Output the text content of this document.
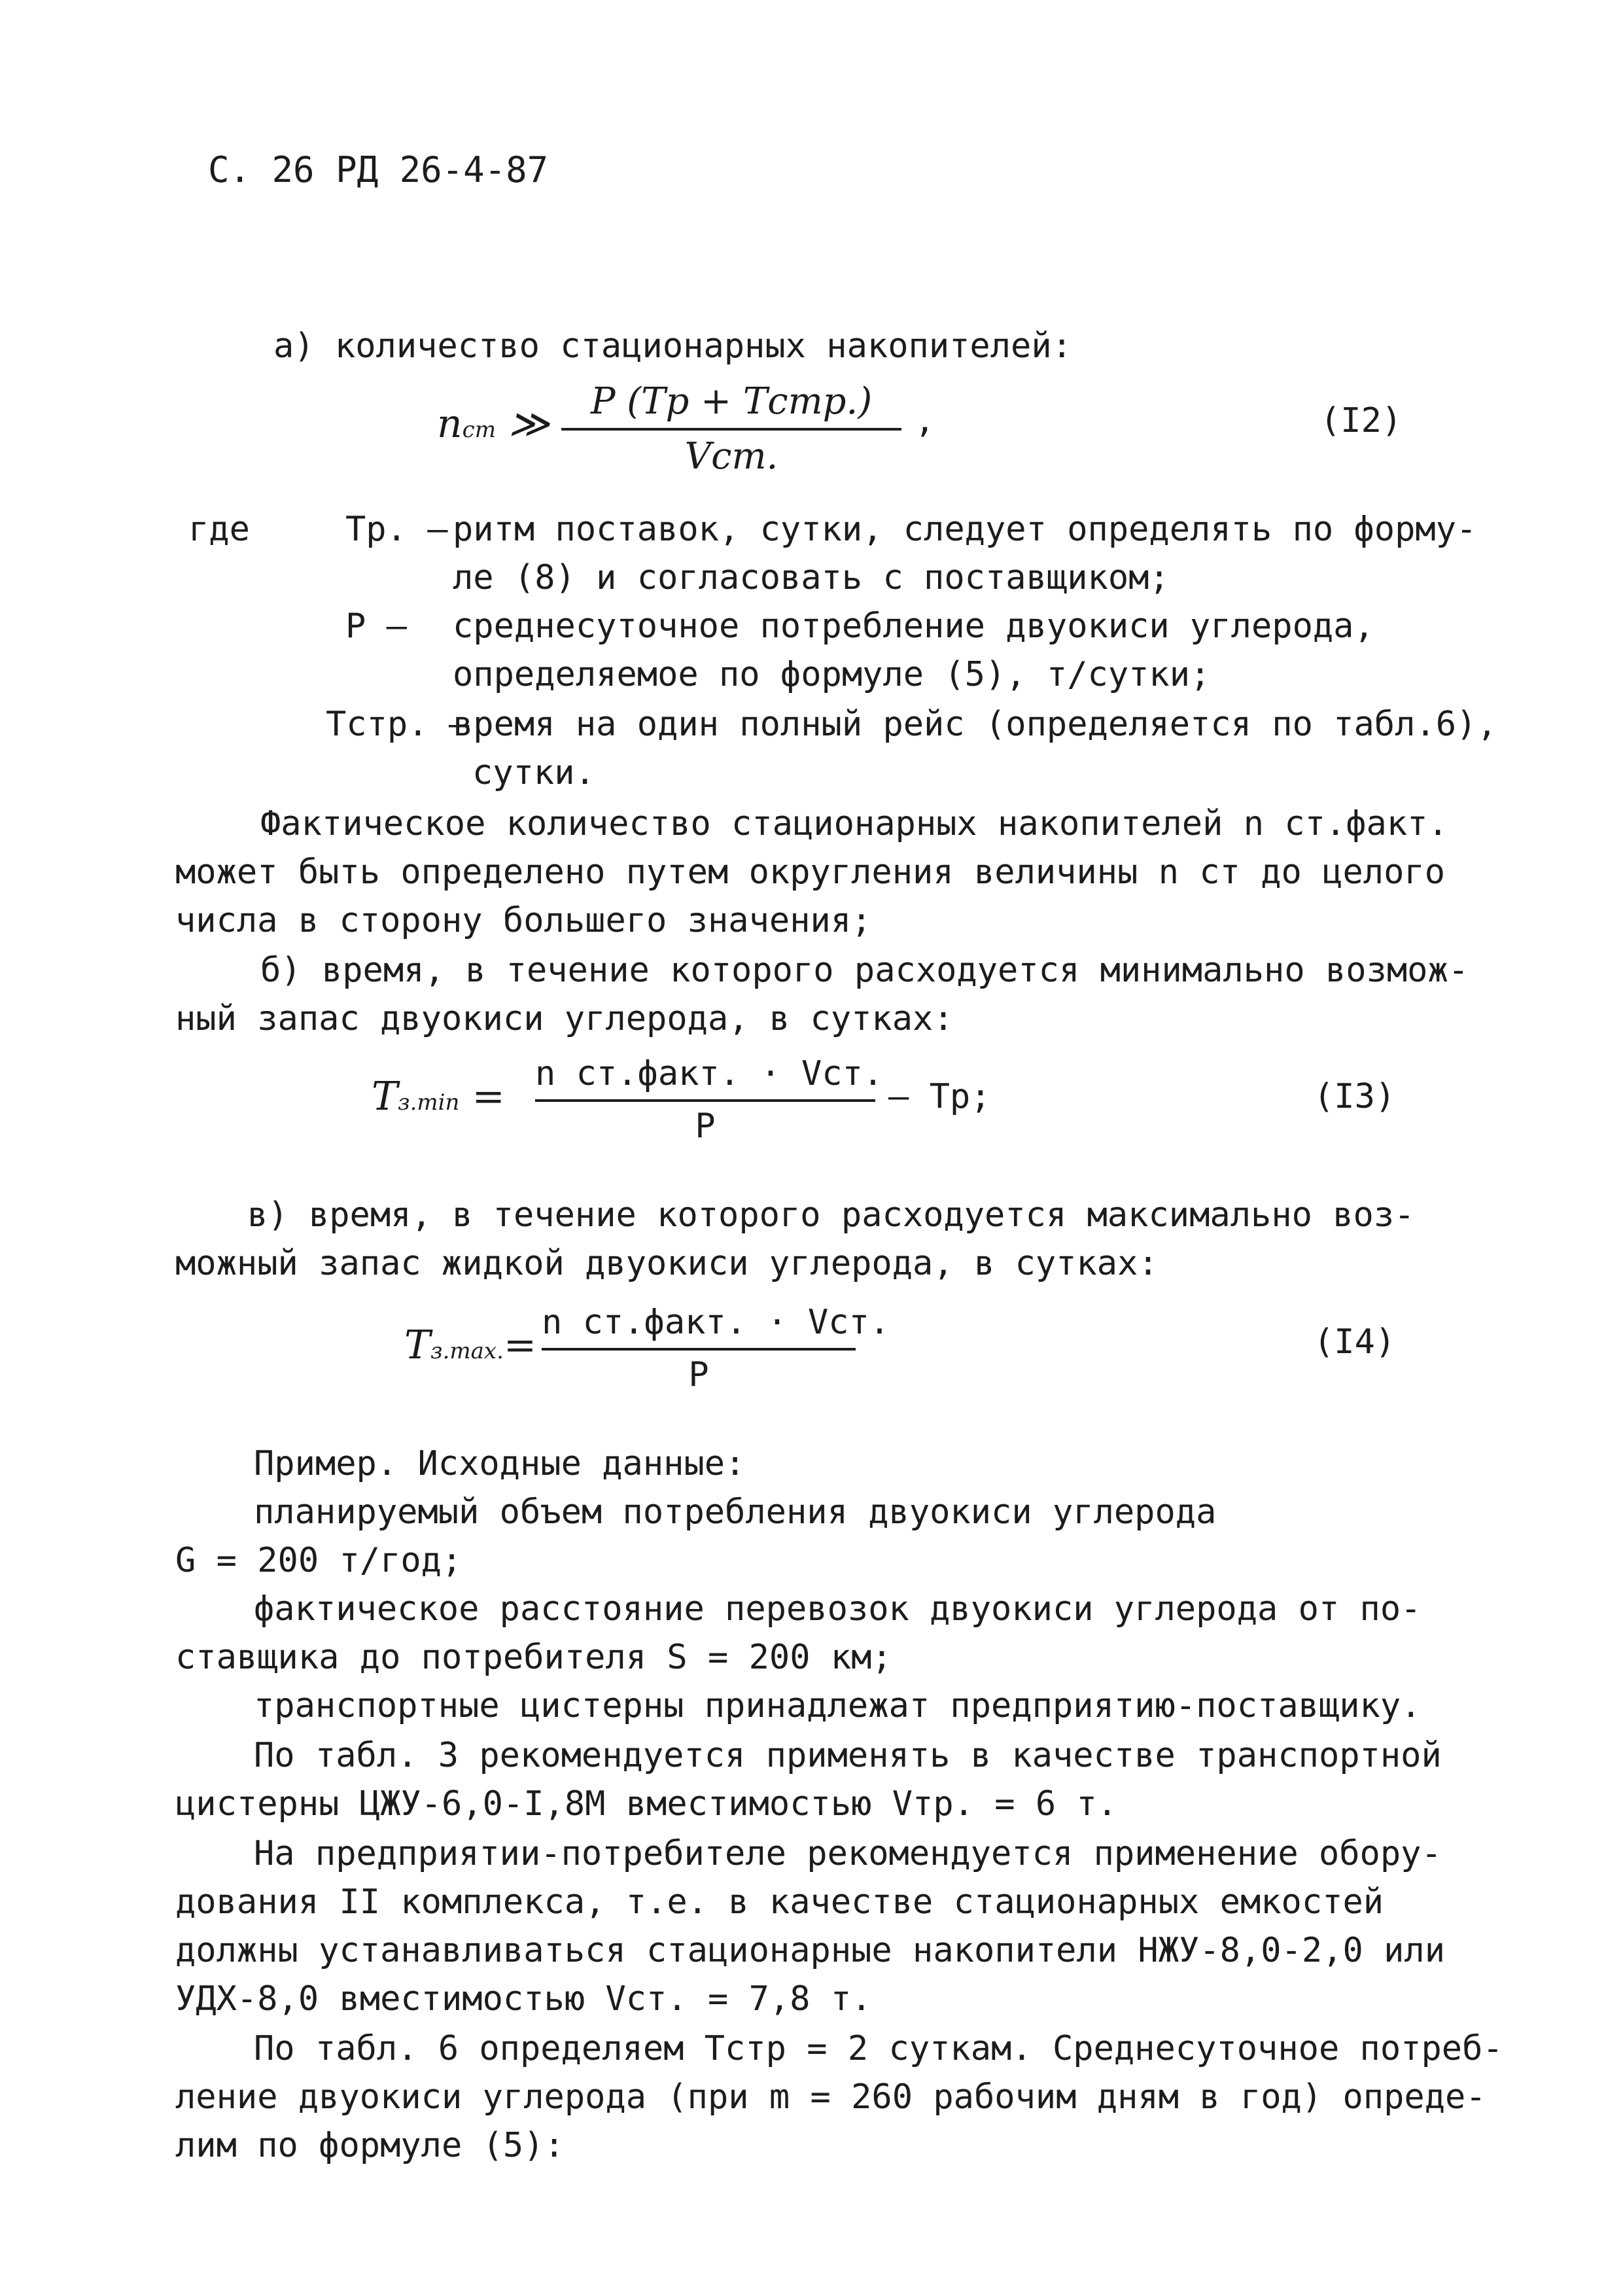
С. 26 РД 26-4-87
а) количество стационарных накопителей:
nст ≫	P (Tр + Tстр.)
Vст.
,	(I2)
где	Tр. – ритм поставок, сутки, следует определять по форму-
ле (8) и согласовать с поставщиком;
P – среднесуточное потребление двуокиси углерода,
определяемое по формуле (5), т/сутки;
Tстр. –
время на один полный рейс (определяется по табл.6),
сутки.
Фактическое количество стационарных накопителей n ст.факт.
может быть определено путем округления величины n ст до целого
числа в сторону большего значения;
б) время, в течение которого расходуется минимально возмож-
ный запас двуокиси углерода, в сутках:
Tз.min = n ст.факт. · Vст.
P
– Tр;	(I3)
в) время, в течение которого расходуется максимально воз-
можный запас жидкой двуокиси углерода, в сутках:
Tз.max.= n ст.факт. · Vст.
P
(I4)
Пример. Исходные данные:
планируемый объем потребления двуокиси углерода
G = 200 т/год;
фактическое расстояние перевозок двуокиси углерода от по-
ставщика до потребителя S = 200 км;
транспортные цистерны принадлежат предприятию-поставщику.
По табл. 3 рекомендуется применять в качестве транспортной
цистерны ЦЖУ-6,0-I,8M вместимостью Vтр. = 6 т.
На предприятии-потребителе рекомендуется применение обору-
дования II комплекса, т.е. в качестве стационарных емкостей
должны устанавливаться стационарные накопители НЖУ-8,0-2,0 или
УДХ-8,0 вместимостью Vст. = 7,8 т.
По табл. 6 определяем Tстр = 2 суткам. Среднесуточное потреб-
ление двуокиси углерода (при m = 260 рабочим дням в год) опреде-
лим по формуле (5):
